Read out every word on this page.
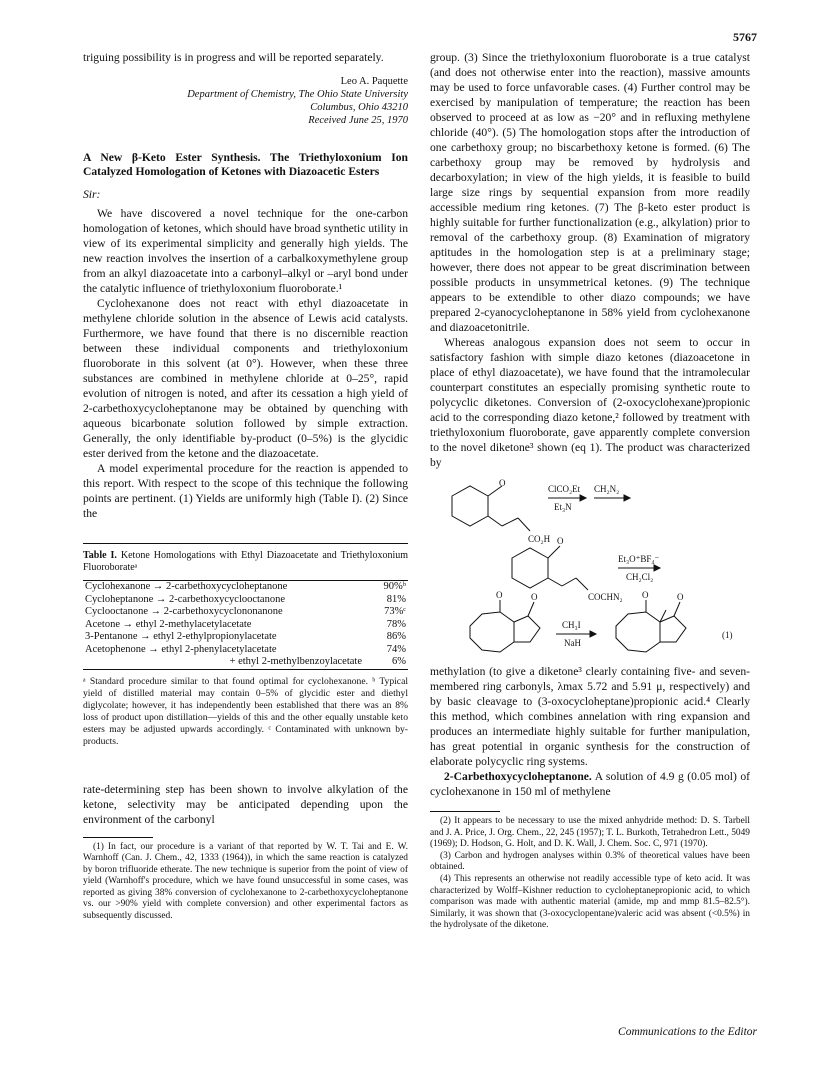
5767

triguing possibility is in progress and will be reported separately.

Leo A. Paquette
Department of Chemistry, The Ohio State University
Columbus, Ohio 43210
Received June 25, 1970
A New β-Keto Ester Synthesis. The Triethyloxonium Ion Catalyzed Homologation of Ketones with Diazoacetic Esters
Sir:

We have discovered a novel technique for the one-carbon homologation of ketones, which should have broad synthetic utility in view of its experimental simplicity and generally high yields. The new reaction involves the insertion of a carbalkoxymethylene group from an alkyl diazoacetate into a carbonyl–alkyl or –aryl bond under the catalytic influence of triethyloxonium fluoroborate.¹

Cyclohexanone does not react with ethyl diazoacetate in methylene chloride solution in the absence of Lewis acid catalysts. Furthermore, we have found that there is no discernible reaction between these individual components and triethyloxonium fluoroborate in this solvent (at 0°). However, when these three substances are combined in methylene chloride at 0–25°, rapid evolution of nitrogen is noted, and after its cessation a high yield of 2-carbethoxycycloheptanone may be obtained by quenching with aqueous bicarbonate solution followed by simple extraction. Generally, the only identifiable by-product (0–5%) is the glycidic ester derived from the ketone and the diazoacetate.

A model experimental procedure for the reaction is appended to this report. With respect to the scope of this technique the following points are pertinent. (1) Yields are uniformly high (Table I). (2) Since the

Table I. Ketone Homologations with Ethyl Diazoacetate and Triethyloxonium Fluoroborateᵃ
Cyclohexanone → 2-carbethoxycycloheptanone	90%ᵇ
Cycloheptanone → 2-carbethoxycyclooctanone	81%
Cyclooctanone → 2-carbethoxycyclononanone	73%ᶜ
Acetone → ethyl 2-methylacetylacetate	78%
3-Pentanone → ethyl 2-ethylpropionylacetate	86%
Acetophenone → ethyl 2-phenylacetylacetate	74%
+ ethyl 2-methylbenzoylacetate	6%
ᵃ Standard procedure similar to that found optimal for cyclohexanone. ᵇ Typical yield of distilled material may contain 0–5% of glycidic ester and diethyl diglycolate; however, it has independently been established that there was an 8% loss of product upon distillation—yields of this and the other equally unstable keto esters may be adjusted upwards accordingly. ᶜ Contaminated with unknown by-products.

rate-determining step has been shown to involve alkylation of the ketone, selectivity may be anticipated depending upon the environment of the carbonyl

(1) In fact, our procedure is a variant of that reported by W. T. Tai and E. W. Warnhoff (Can. J. Chem., 42, 1333 (1964)), in which the same reaction is catalyzed by boron trifluoride etherate. The new technique is superior from the point of view of yield (Warnhoff's procedure, which we have found unsuccessful in some cases, was reported as giving 38% conversion of cyclohexanone to 2-carbethoxycycloheptanone vs. our >90% yield with complete conversion) and other experimental factors as subsequently discussed.

group. (3) Since the triethyloxonium fluoroborate is a true catalyst (and does not otherwise enter into the reaction), massive amounts may be used to force unfavorable cases. (4) Further control may be exercised by manipulation of temperature; the reaction has been observed to proceed at as low as −20° and in refluxing methylene chloride (40°). (5) The homologation stops after the introduction of one carbethoxy group; no biscarbethoxy ketone is formed. (6) The carbethoxy group may be removed by hydrolysis and decarboxylation; in view of the high yields, it is feasible to build large size rings by sequential expansion from more readily accessible medium ring ketones. (7) The β-keto ester product is highly suitable for further functionalization (e.g., alkylation) prior to removal of the carbethoxy group. (8) Examination of migratory aptitudes in the homologation step is at a preliminary stage; however, there does not appear to be great discrimination between possible products in unsymmetrical ketones. (9) The technique appears to be extendible to other diazo compounds; we have prepared 2-cyanocycloheptanone in 58% yield from cyclohexanone and diazoacetonitrile.

Whereas analogous expansion does not seem to occur in satisfactory fashion with simple diazo ketones (diazoacetone in place of ethyl diazoacetate), we have found that the intramolecular counterpart constitutes an especially promising synthetic route to polycyclic diketones. Conversion of (2-oxocyclohexane)propionic acid to the corresponding diazo ketone,² followed by treatment with triethyloxonium fluoroborate, gave apparently complete conversion to the novel diketone³ shown (eq 1). The product was characterized by

O
CO₂H
ClCO₂Et CH₂N₂
Et₃N
O
COCHN₂
Et₃O⁺BF₄⁻
CH₂Cl₂
O	O
CH₃I
NaH
O	O
(1)

methylation (to give a diketone³ clearly containing five- and seven-membered ring carbonyls, λmax 5.72 and 5.91 μ, respectively) and by basic cleavage to (3-oxocycloheptane)propionic acid.⁴ Clearly this method, which combines annelation with ring expansion and produces an intermediate highly suitable for further manipulation, has great potential in organic synthesis for the construction of elaborate polycyclic ring systems.

2-Carbethoxycycloheptanone. A solution of 4.9 g (0.05 mol) of cyclohexanone in 150 ml of methylene

(2) It appears to be necessary to use the mixed anhydride method: D. S. Tarbell and J. A. Price, J. Org. Chem., 22, 245 (1957); T. L. Burkoth, Tetrahedron Lett., 5049 (1969); D. Hodson, G. Holt, and D. K. Wall, J. Chem. Soc. C, 971 (1970).

(3) Carbon and hydrogen analyses within 0.3% of theoretical values have been obtained.

(4) This represents an otherwise not readily accessible type of keto acid. It was characterized by Wolff–Kishner reduction to cycloheptanepropionic acid, to which comparison was made with authentic material (amide, mp and mmp 81.5–82.5°). Similarly, it was shown that (3-oxocyclopentane)valeric acid was absent (<0.5%) in the hydrolysate of the diketone.

Communications to the Editor
